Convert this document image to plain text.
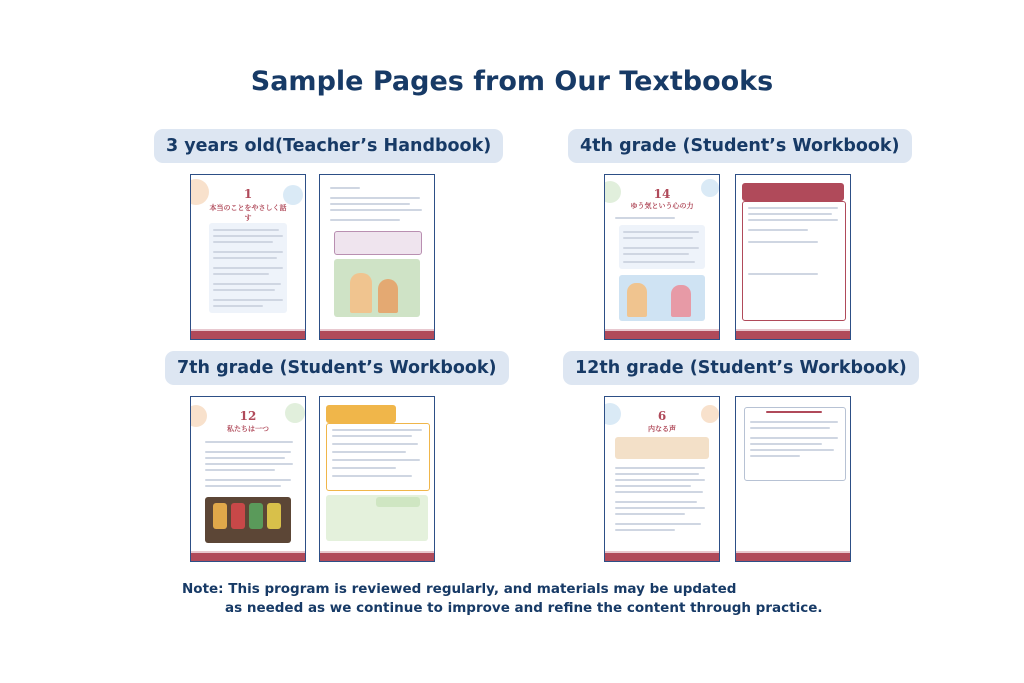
Sample Pages from Our Textbooks
3 years old(Teacher’s Handbook)	4th grade (Student’s Workbook)
7th grade (Student’s Workbook)	12th grade (Student’s Workbook)
1
本当のことをやさしく話す
14
ゆう気という心の力
12
私たちは一つ
6
内なる声
Note: This program is reviewed regularly, and materials may be updated
as needed as we continue to improve and refine the content through practice.
